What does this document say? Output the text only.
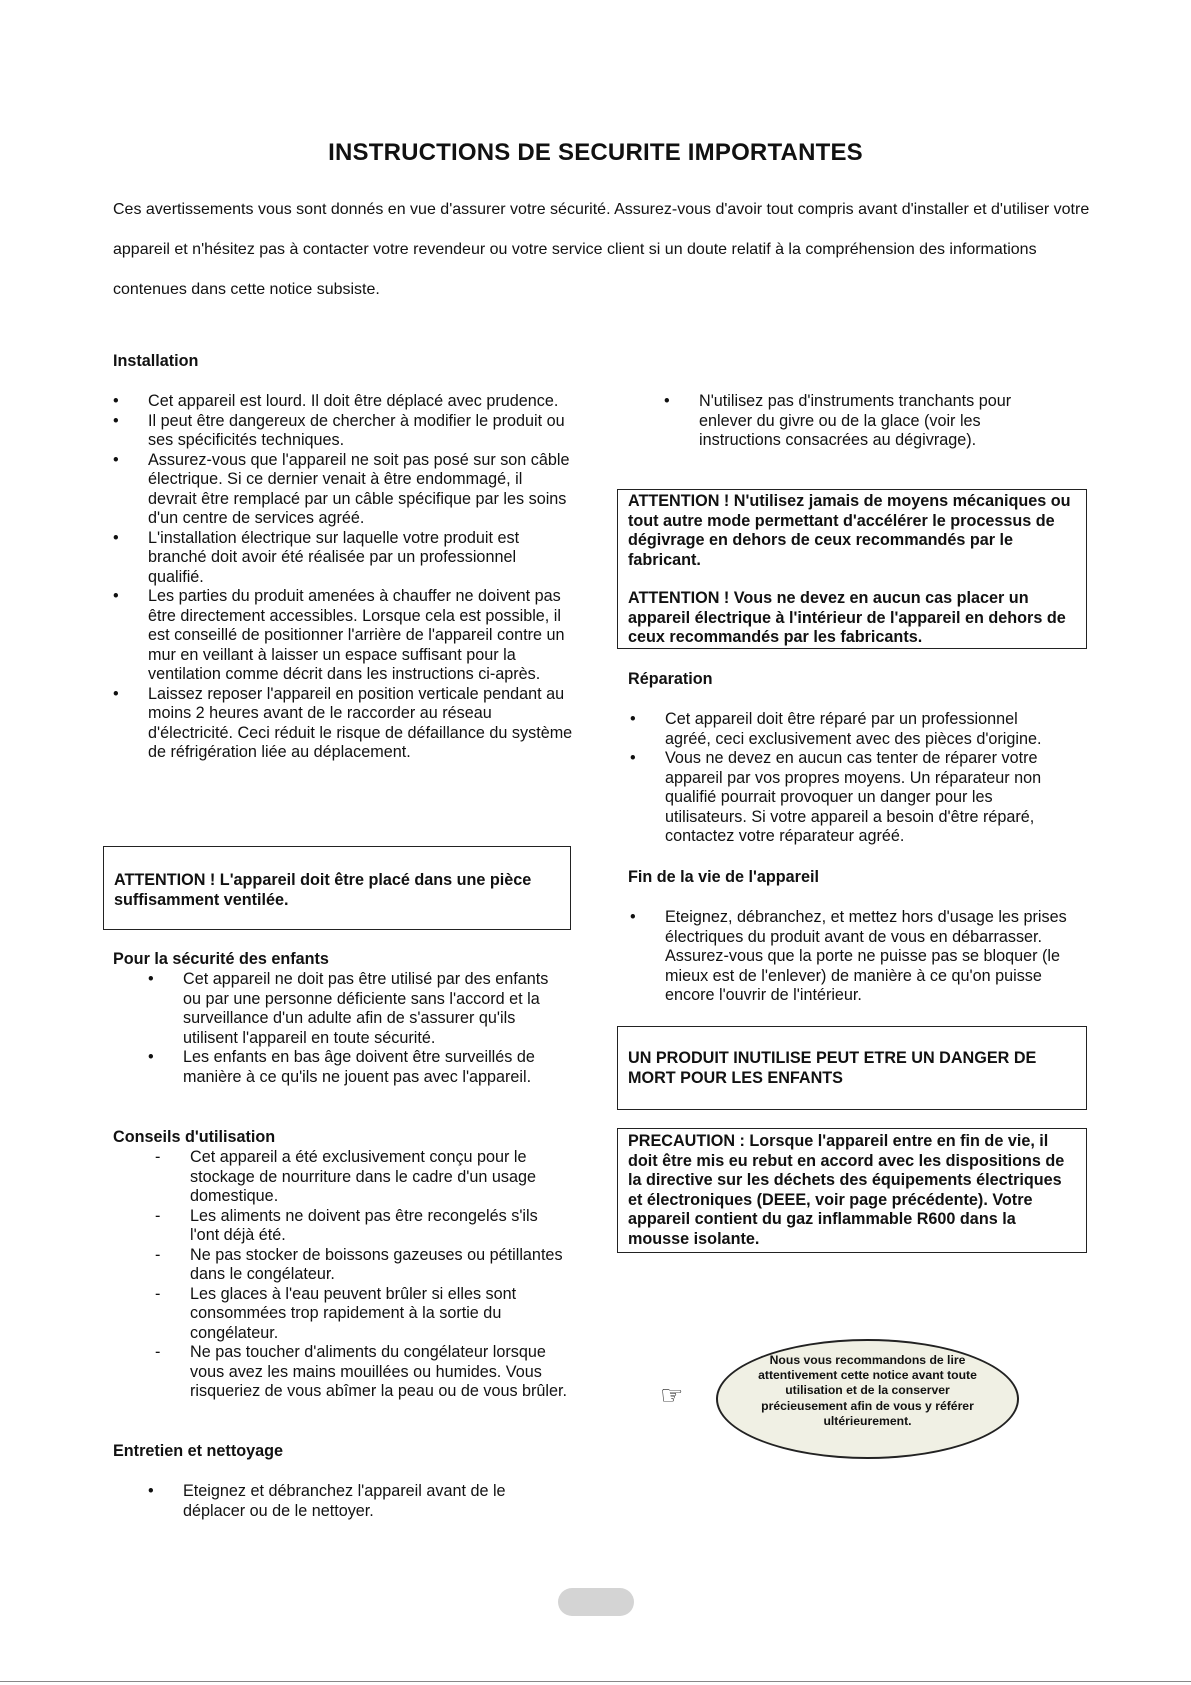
INSTRUCTIONS DE SECURITE IMPORTANTES

Ces avertissements vous sont donnés en vue d'assurer votre sécurité. Assurez-vous d'avoir tout compris avant d'installer et d'utiliser votre appareil et n'hésitez pas à contacter votre revendeur ou votre service client si un doute relatif à la compréhension des informations contenues dans cette notice subsiste.

Installation

• Cet appareil est lourd. Il doit être déplacé avec prudence.
• Il peut être dangereux de chercher à modifier le produit ou ses spécificités techniques.
• Assurez-vous que l'appareil ne soit pas posé sur son câble électrique. Si ce dernier venait à être endommagé, il devrait être remplacé par un câble spécifique par les soins d'un centre de services agréé.
• L'installation électrique sur laquelle votre produit est branché doit avoir été réalisée par un professionnel qualifié.
• Les parties du produit amenées à chauffer ne doivent pas être directement accessibles. Lorsque cela est possible, il est conseillé de positionner l'arrière de l'appareil contre un mur en veillant à laisser un espace suffisant pour la ventilation comme décrit dans les instructions ci-après.
• Laissez reposer l'appareil en position verticale pendant au moins 2 heures avant de le raccorder au réseau d'électricité. Ceci réduit le risque de défaillance du système de réfrigération liée au déplacement.

ATTENTION ! L'appareil doit être placé dans une pièce suffisamment ventilée.

Pour la sécurité des enfants

• Cet appareil ne doit pas être utilisé par des enfants ou par une personne déficiente sans l'accord et la surveillance d'un adulte afin de s'assurer qu'ils utilisent l'appareil en toute sécurité.
• Les enfants en bas âge doivent être surveillés de manière à ce qu'ils ne jouent pas avec l'appareil.

Conseils d'utilisation

- Cet appareil a été exclusivement conçu pour le stockage de nourriture dans le cadre d'un usage domestique.
- Les aliments ne doivent pas être recongelés s'ils l'ont déjà été.
- Ne pas stocker de boissons gazeuses ou pétillantes dans le congélateur.
- Les glaces à l'eau peuvent brûler si elles sont consommées trop rapidement à la sortie du congélateur.
- Ne pas toucher d'aliments du congélateur lorsque vous avez les mains mouillées ou humides. Vous risqueriez de vous abîmer la peau ou de vous brûler.

Entretien et nettoyage

• Eteignez et débranchez l'appareil avant de le déplacer ou de le nettoyer.
• N'utilisez pas d'instruments tranchants pour enlever du givre ou de la glace (voir les instructions consacrées au dégivrage).

ATTENTION ! N'utilisez jamais de moyens mécaniques ou tout autre mode permettant d'accélérer le processus de dégivrage en dehors de ceux recommandés par le fabricant.

ATTENTION ! Vous ne devez en aucun cas placer un appareil électrique à l'intérieur de l'appareil en dehors de ceux recommandés par les fabricants.

Réparation

• Cet appareil doit être réparé par un professionnel agréé, ceci exclusivement avec des pièces d'origine.
• Vous ne devez en aucun cas tenter de réparer votre appareil par vos propres moyens. Un réparateur non qualifié pourrait provoquer un danger pour les utilisateurs. Si votre appareil a besoin d'être réparé, contactez votre réparateur agréé.

Fin de la vie de l'appareil

• Eteignez, débranchez, et mettez hors d'usage les prises électriques du produit avant de vous en débarrasser. Assurez-vous que la porte ne puisse pas se bloquer (le mieux est de l'enlever) de manière à ce qu'on puisse encore l'ouvrir de l'intérieur.

UN PRODUIT INUTILISE PEUT ETRE UN DANGER DE MORT POUR LES ENFANTS

PRECAUTION : Lorsque l'appareil entre en fin de vie, il doit être mis eu rebut en accord avec les dispositions de la directive sur les déchets des équipements électriques et électroniques (DEEE, voir page précédente). Votre appareil contient du gaz inflammable R600 dans la mousse isolante.

☞
Nous vous recommandons de lire attentivement cette notice avant toute utilisation et de la conserver précieusement afin de vous y référer ultérieurement.
